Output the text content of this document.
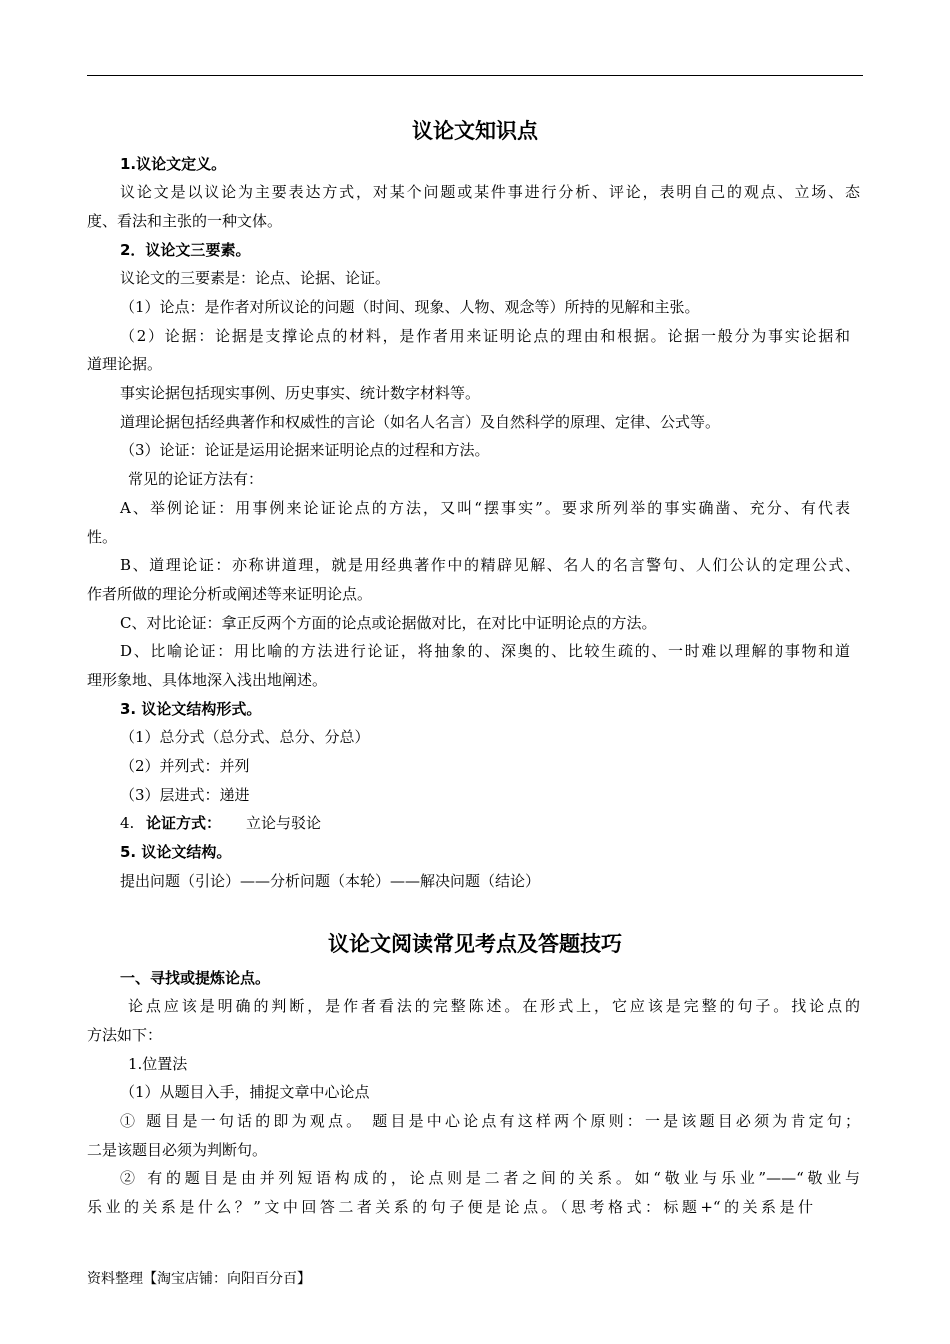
议论文知识点
1.议论文定义。
议论文是以议论为主要表达方式，对某个问题或某件事进行分析、评论，表明自己的观点、立场、态
度、看法和主张的一种文体。
2．议论文三要素。
议论文的三要素是：论点、论据、论证。
（1）论点：是作者对所议论的问题（时间、现象、人物、观念等）所持的见解和主张。
（2）论据：论据是支撑论点的材料，是作者用来证明论点的理由和根据。论据一般分为事实论据和
道理论据。
事实论据包括现实事例、历史事实、统计数字材料等。
道理论据包括经典著作和权威性的言论（如名人名言）及自然科学的原理、定律、公式等。
（3）论证：论证是运用论据来证明论点的过程和方法。
常见的论证方法有：
A、举例论证：用事例来论证论点的方法，又叫“摆事实”。要求所列举的事实确凿、充分、有代表
性。
B、道理论证：亦称讲道理，就是用经典著作中的精辟见解、名人的名言警句、人们公认的定理公式、
作者所做的理论分析或阐述等来证明论点。
C、对比论证：拿正反两个方面的论点或论据做对比，在对比中证明论点的方法。
D、比喻论证：用比喻的方法进行论证，将抽象的、深奥的、比较生疏的、一时难以理解的事物和道
理形象地、具体地深入浅出地阐述。
3. 议论文结构形式。
（1）总分式（总分式、总分、分总）
（2）并列式：并列
（3）层进式：递进
4. 论证方式： 立论与驳论
5. 议论文结构。
提出问题（引论）——分析问题（本轮）——解决问题（结论）
议论文阅读常见考点及答题技巧
一、寻找或提炼论点。
论点应该是明确的判断，是作者看法的完整陈述。在形式上，它应该是完整的句子。找论点的
方法如下：
1.位置法
（1）从题目入手，捕捉文章中心论点
① 题目是一句话的即为观点。 题目是中心论点有这样两个原则：一是该题目必须为肯定句；
二是该题目必须为判断句。
② 有的题目是由并列短语构成的，论点则是二者之间的关系。如“敬业与乐业”——“敬业与
乐业的关系是什么？”文中回答二者关系的句子便是论点。（思考格式：标题+“的关系是什
资料整理【淘宝店铺：向阳百分百】
